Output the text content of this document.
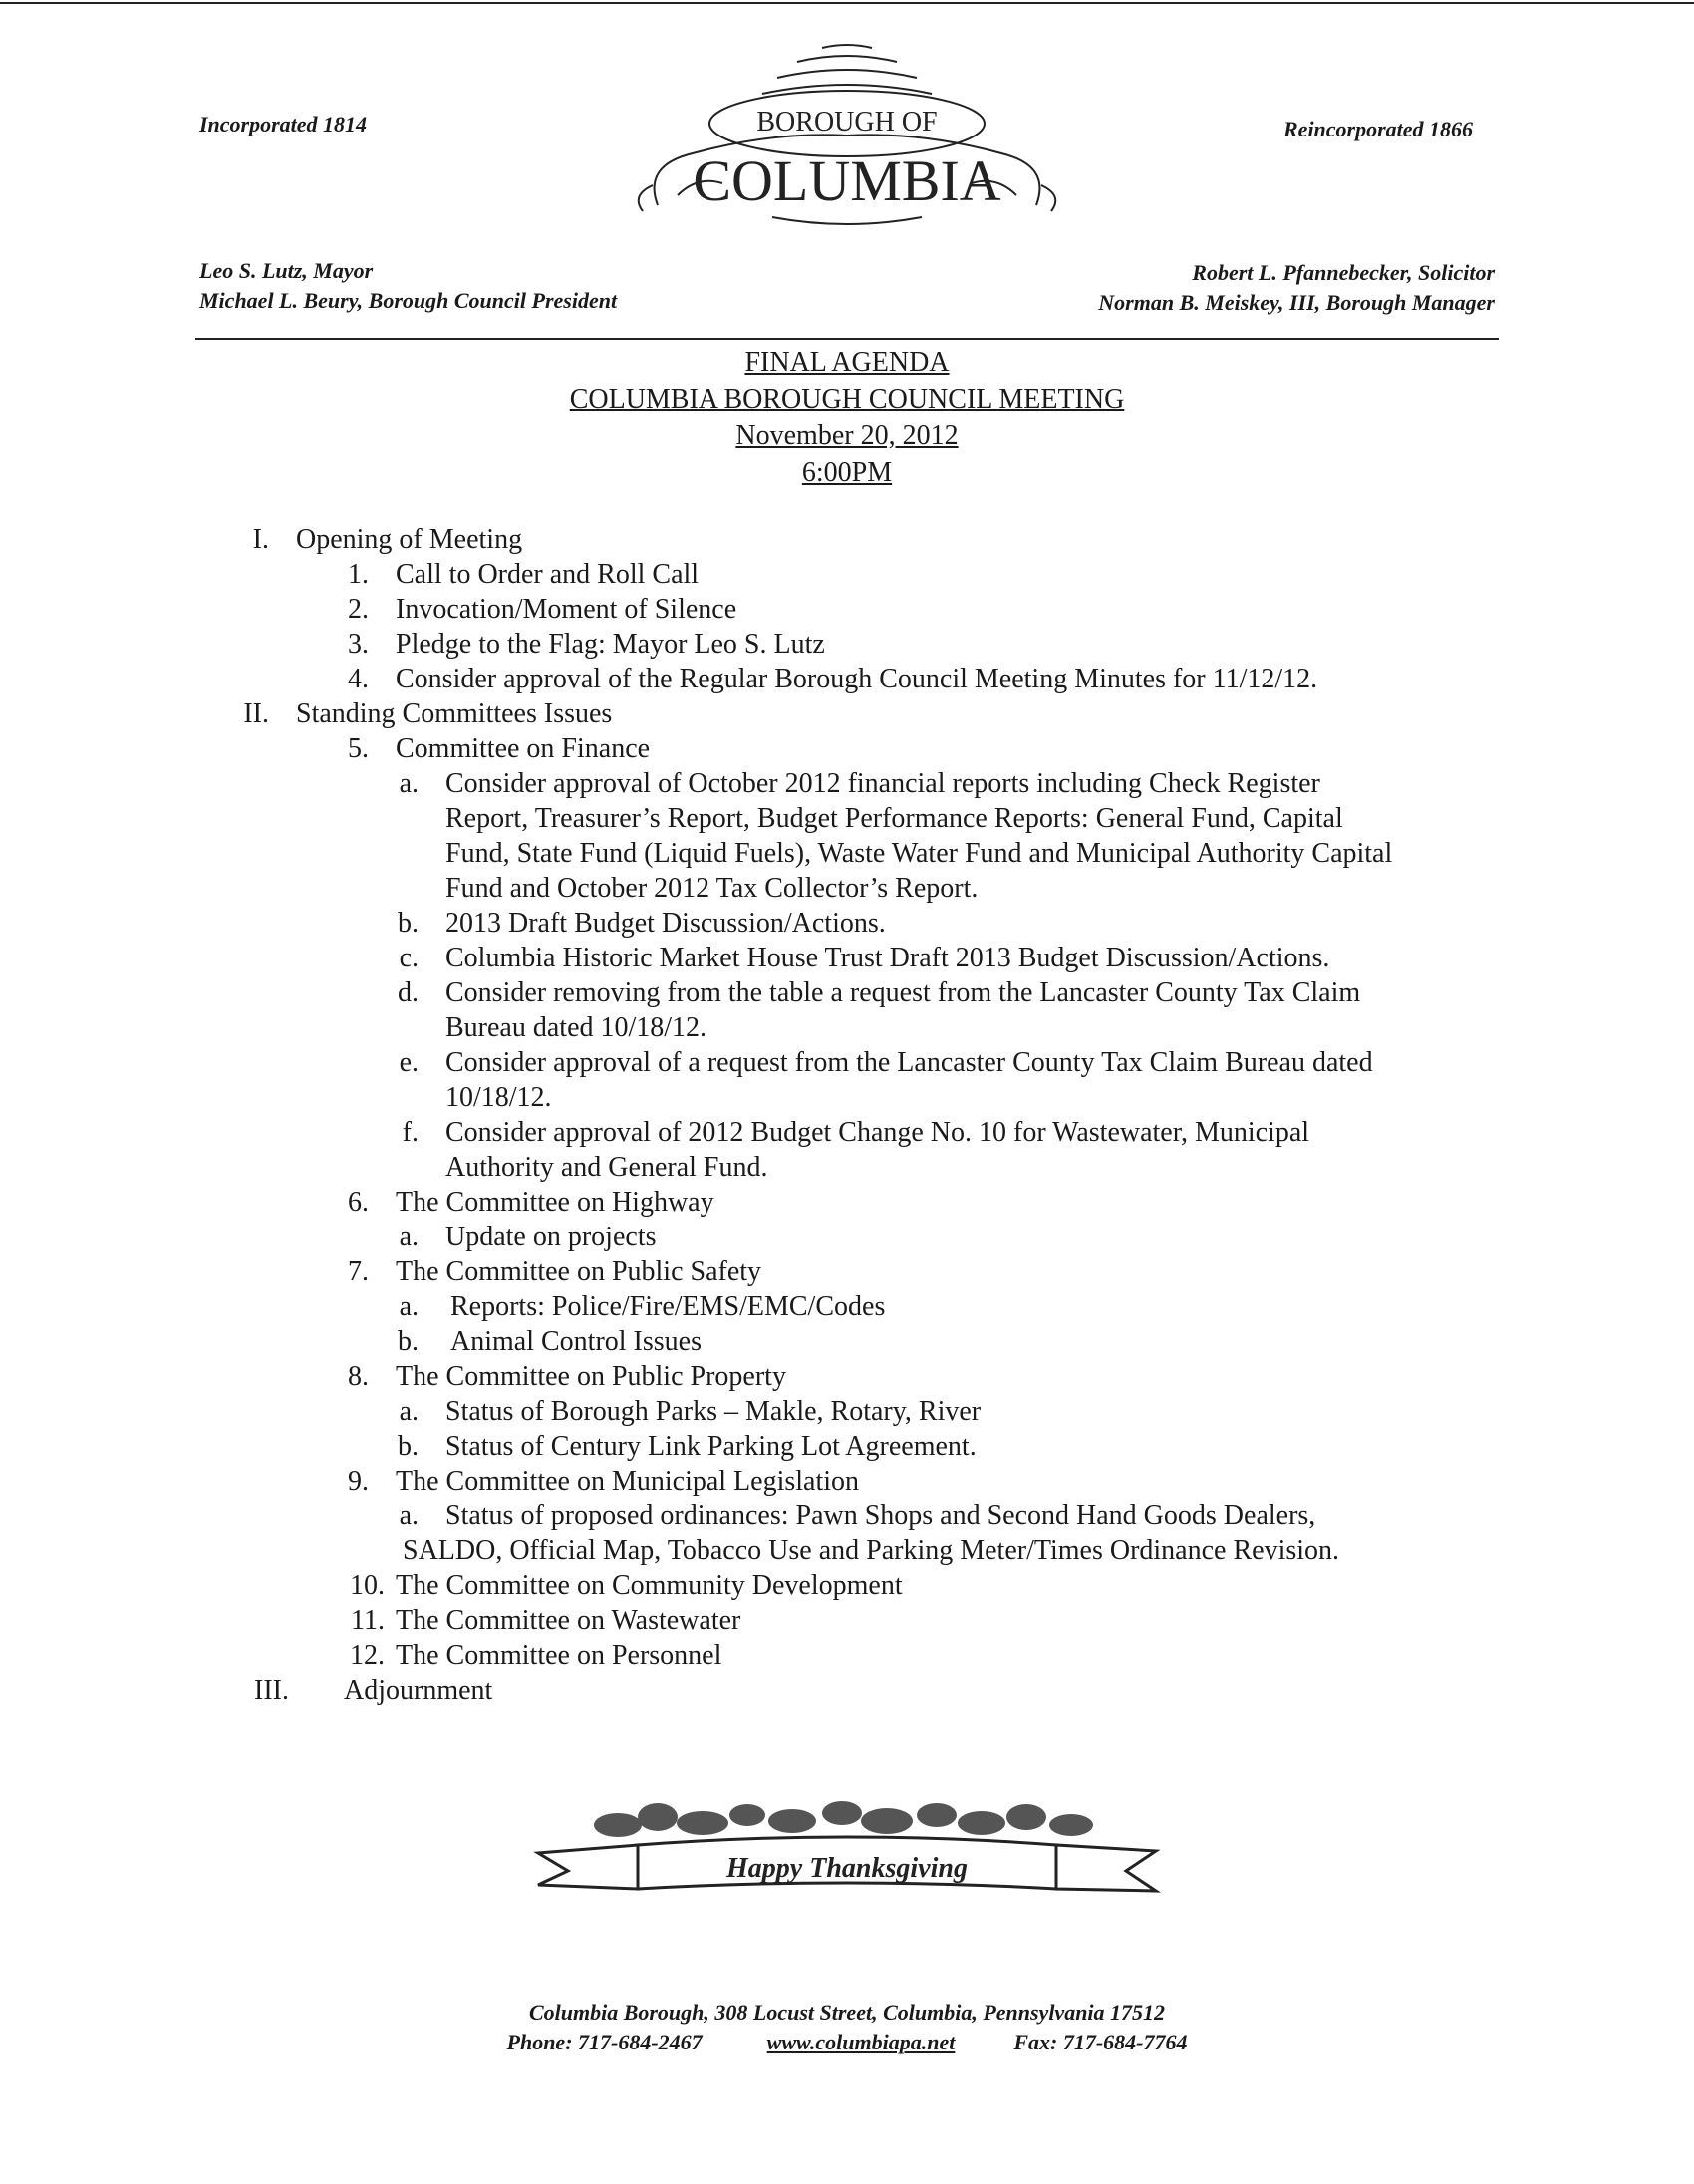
Incorporated 1814	Reincorporated 1866
BOROUGH OF
COLUMBIA
Leo S. Lutz, Mayor
Michael L. Beury, Borough Council President
Robert L. Pfannebecker, Solicitor
Norman B. Meiskey, III, Borough Manager
FINAL AGENDA
COLUMBIA BOROUGH COUNCIL MEETING
November 20, 2012
6:00PM
I. Opening of Meeting
1. Call to Order and Roll Call
2. Invocation/Moment of Silence
3. Pledge to the Flag: Mayor Leo S. Lutz
4. Consider approval of the Regular Borough Council Meeting Minutes for 11/12/12.
II. Standing Committees Issues
5. Committee on Finance
a. Consider approval of October 2012 financial reports including Check Register
Report, Treasurer’s Report, Budget Performance Reports: General Fund, Capital
Fund, State Fund (Liquid Fuels), Waste Water Fund and Municipal Authority Capital
Fund and October 2012 Tax Collector’s Report.
b. 2013 Draft Budget Discussion/Actions.
c. Columbia Historic Market House Trust Draft 2013 Budget Discussion/Actions.
d. Consider removing from the table a request from the Lancaster County Tax Claim
Bureau dated 10/18/12.
e. Consider approval of a request from the Lancaster County Tax Claim Bureau dated
10/18/12.
f. Consider approval of 2012 Budget Change No. 10 for Wastewater, Municipal
Authority and General Fund.
6. The Committee on Highway
a. Update on projects
7. The Committee on Public Safety
a. Reports: Police/Fire/EMS/EMC/Codes
b. Animal Control Issues
8. The Committee on Public Property
a. Status of Borough Parks – Makle, Rotary, River
b. Status of Century Link Parking Lot Agreement.
9. The Committee on Municipal Legislation
a. Status of proposed ordinances: Pawn Shops and Second Hand Goods Dealers,
SALDO, Official Map, Tobacco Use and Parking Meter/Times Ordinance Revision.
10. The Committee on Community Development
11. The Committee on Wastewater
12. The Committee on Personnel
III. Adjournment
Happy Thanksgiving
Columbia Borough, 308 Locust Street, Columbia, Pennsylvania 17512
Phone: 717-684-2467	www.columbiapa.net	Fax: 717-684-7764
